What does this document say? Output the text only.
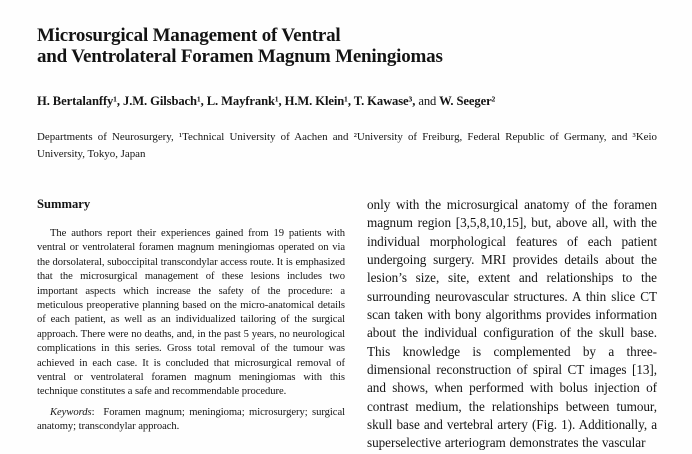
Microsurgical Management of Ventral
and Ventrolateral Foramen Magnum Meningiomas
H. Bertalanffy¹, J.M. Gilsbach¹, L. Mayfrank¹, H.M. Klein¹, T. Kawase³, and W. Seeger²
Departments of Neurosurgery, ¹Technical University of Aachen and ²University of Freiburg, Federal Republic of Germany, and ³Keio University, Tokyo, Japan
Summary
The authors report their experiences gained from 19 patients with ventral or ventrolateral foramen magnum meningiomas operated on via the dorsolateral, suboccipital transcondylar access route. It is emphasized that the microsurgical management of these lesions includes two important aspects which increase the safety of the procedure: a meticulous preoperative planning based on the micro-anatomical details of each patient, as well as an individualized tailoring of the surgical approach. There were no deaths, and, in the past 5 years, no neurological complications in this series. Gross total removal of the tumour was achieved in each case. It is concluded that microsurgical removal of ventral or ventrolateral foramen magnum meningiomas with this technique constitutes a safe and recommendable procedure.
Keywords:  Foramen magnum; meningioma; microsurgery; surgical anatomy; transcondylar approach.
only with the microsurgical anatomy of the foramen magnum region [3,5,8,10,15], but, above all, with the individual morphological features of each patient undergoing surgery. MRI provides details about the lesion’s size, site, extent and relationships to the surrounding neurovascular structures. A thin slice CT scan taken with bony algorithms provides information about the individual configuration of the skull base. This knowledge is complemented by a three-dimensional reconstruction of spiral CT images [13], and shows, when performed with bolus injection of contrast medium, the relationships between tumour, skull base and vertebral artery (Fig. 1). Additionally, a superselective arteriogram demonstrates the vascular
